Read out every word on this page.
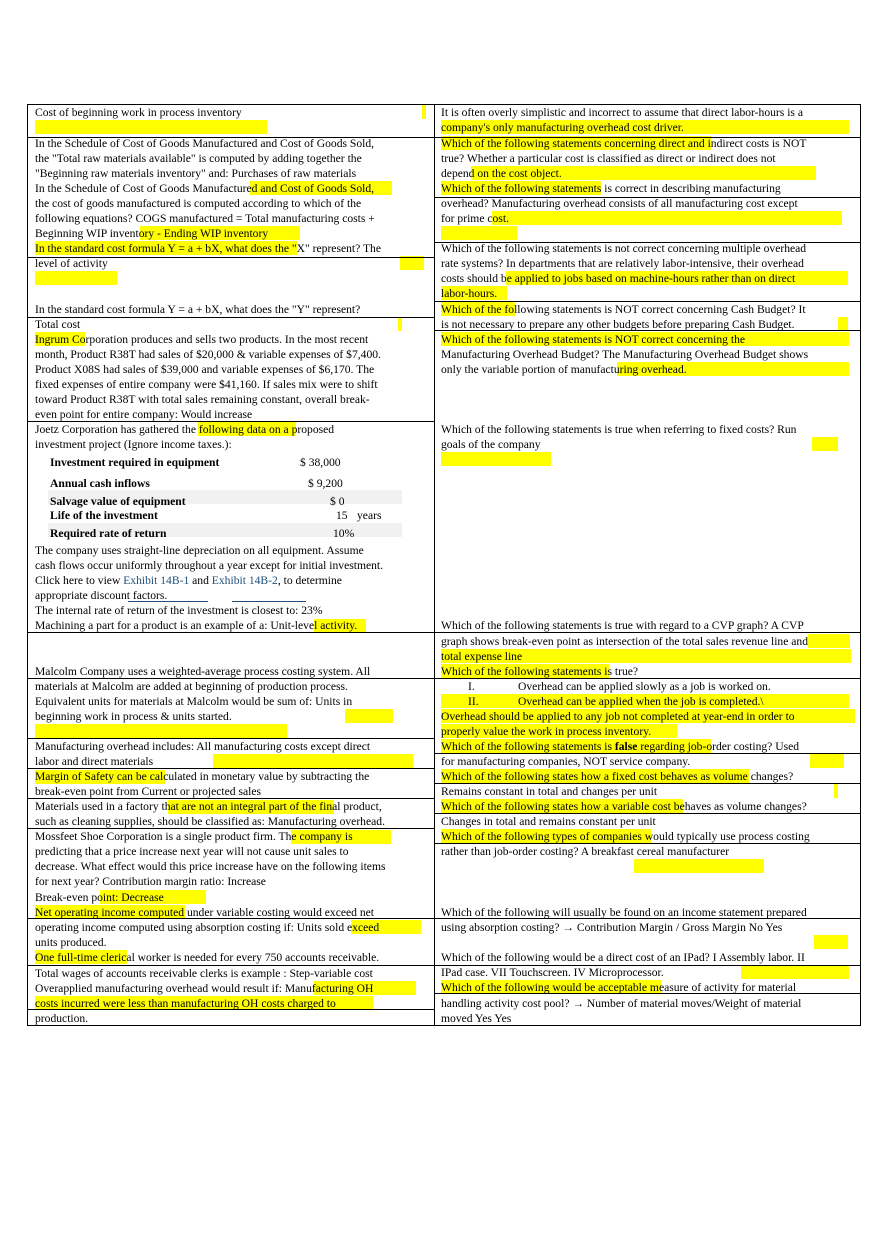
Cost of beginning work in process inventory
In the Schedule of Cost of Goods Manufactured and Cost of Goods Sold,
the "Total raw materials available" is computed by adding together the
"Beginning raw materials inventory" and: Purchases of raw materials
In the Schedule of Cost of Goods Manufactured and Cost of Goods Sold,
the cost of goods manufactured is computed according to which of the
following equations? COGS manufactured = Total manufacturing costs +
Beginning WIP inventory - Ending WIP inventory
In the standard cost formula Y = a + bX, what does the "X" represent? The
level of activity
In the standard cost formula Y = a + bX, what does the "Y" represent?
Total cost
Ingrum Corporation produces and sells two products. In the most recent
month, Product R38T had sales of $20,000 & variable expenses of $7,400.
Product X08S had sales of $39,000 and variable expenses of $6,170. The
fixed expenses of entire company were $41,160. If sales mix were to shift
toward Product R38T with total sales remaining constant, overall break-
even point for entire company: Would increase
Joetz Corporation has gathered the following data on a proposed
investment project (Ignore income taxes.):
Investment required in equipment	$ 38,000
Annual cash inflows	$ 9,200
Salvage value of equipment	$ 0
Life of the investment	15 years
Required rate of return	10%
The company uses straight-line depreciation on all equipment. Assume
cash flows occur uniformly throughout a year except for initial investment.
Click here to view Exhibit 14B-1 and Exhibit 14B-2, to determine
appropriate discount factors.
The internal rate of return of the investment is closest to: 23%
Machining a part for a product is an example of a: Unit-level activity.
Malcolm Company uses a weighted-average process costing system. All
materials at Malcolm are added at beginning of production process.
Equivalent units for materials at Malcolm would be sum of: Units in
beginning work in process & units started.
Manufacturing overhead includes: All manufacturing costs except direct
labor and direct materials
Margin of Safety can be calculated in monetary value by subtracting the
break-even point from Current or projected sales
Materials used in a factory that are not an integral part of the final product,
such as cleaning supplies, should be classified as: Manufacturing overhead.
Mossfeet Shoe Corporation is a single product firm. The company is
predicting that a price increase next year will not cause unit sales to
decrease. What effect would this price increase have on the following items
for next year? Contribution margin ratio: Increase
Break-even point: Decrease
Net operating income computed under variable costing would exceed net
operating income computed using absorption costing if: Units sold exceed
units produced.
One full-time clerical worker is needed for every 750 accounts receivable.
Total wages of accounts receivable clerks is example : Step-variable cost
Overapplied manufacturing overhead would result if: Manufacturing OH
costs incurred were less than manufacturing OH costs charged to
production.
It is often overly simplistic and incorrect to assume that direct labor-hours is a
company's only manufacturing overhead cost driver.
Which of the following statements concerning direct and indirect costs is NOT
true? Whether a particular cost is classified as direct or indirect does not
depend on the cost object.
Which of the following statements is correct in describing manufacturing
overhead? Manufacturing overhead consists of all manufacturing cost except
for prime cost.
Which of the following statements is not correct concerning multiple overhead
rate systems? In departments that are relatively labor-intensive, their overhead
costs should be applied to jobs based on machine-hours rather than on direct
labor-hours.
Which of the following statements is NOT correct concerning Cash Budget? It
is not necessary to prepare any other budgets before preparing Cash Budget.
Which of the following statements is NOT correct concerning the
Manufacturing Overhead Budget? The Manufacturing Overhead Budget shows
only the variable portion of manufacturing overhead.
Which of the following statements is true when referring to fixed costs? Run
goals of the company
Which of the following statements is true with regard to a CVP graph? A CVP
graph shows break-even point as intersection of the total sales revenue line and
total expense line
Which of the following statements is true?
I.	Overhead can be applied slowly as a job is worked on.
II.	Overhead can be applied when the job is completed.\
Overhead should be applied to any job not completed at year-end in order to
properly value the work in process inventory.
Which of the following statements is false regarding job-order costing? Used
for manufacturing companies, NOT service company.
Which of the following states how a fixed cost behaves as volume changes?
Remains constant in total and changes per unit
Which of the following states how a variable cost behaves as volume changes?
Changes in total and remains constant per unit
Which of the following types of companies would typically use process costing
rather than job-order costing? A breakfast cereal manufacturer
Which of the following will usually be found on an income statement prepared
using absorption costing? → Contribution Margin / Gross Margin No Yes
Which of the following would be a direct cost of an IPad? I Assembly labor. II
IPad case. VII Touchscreen. IV Microprocessor.
Which of the following would be acceptable measure of activity for material
handling activity cost pool? → Number of material moves/Weight of material
moved Yes Yes
